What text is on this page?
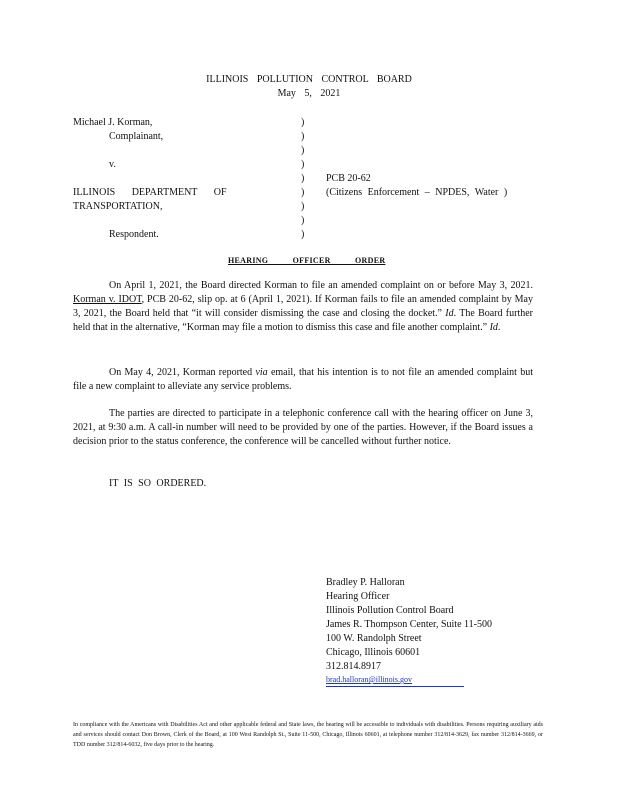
ILLINOIS POLLUTION CONTROL BOARD
May 5, 2021
Michael J. Korman,
Complainant,
v.
ILLINOIS DEPARTMENT OF
TRANSPORTATION,
Respondent.
)
)
)
)
)
)
)
)
)
PCB 20-62
(Citizens Enforcement – NPDES, Water )
HEARING OFFICER ORDER
On April 1, 2021, the Board directed Korman to file an amended complaint on or before May 3, 2021. Korman v. IDOT, PCB 20-62, slip op. at 6 (April 1, 2021). If Korman fails to file an amended complaint by May 3, 2021, the Board held that “it will consider dismissing the case and closing the docket.” Id. The Board further held that in the alternative, “Korman may file a motion to dismiss this case and file another complaint.” Id.
On May 4, 2021, Korman reported via email, that his intention is to not file an amended complaint but file a new complaint to alleviate any service problems.
The parties are directed to participate in a telephonic conference call with the hearing officer on June 3, 2021, at 9:30 a.m. A call-in number will need to be provided by one of the parties. However, if the Board issues a decision prior to the status conference, the conference will be cancelled without further notice.
IT IS SO ORDERED.
Bradley P. Halloran
Hearing Officer
Illinois Pollution Control Board
James R. Thompson Center, Suite 11-500
100 W. Randolph Street
Chicago, Illinois 60601
312.814.8917
brad.halloran@illinois.gov
In compliance with the Americans with Disabilities Act and other applicable federal and State laws, the hearing will be accessible to individuals with disabilities. Persons requiring auxiliary aids and services should contact Don Brown, Clerk of the Board, at 100 West Randolph St., Suite 11-500, Chicago, Illinois 60601, at telephone number 312/814-3629, fax number 312/814-3669, or TDD number 312/814-6032, five days prior to the hearing.
